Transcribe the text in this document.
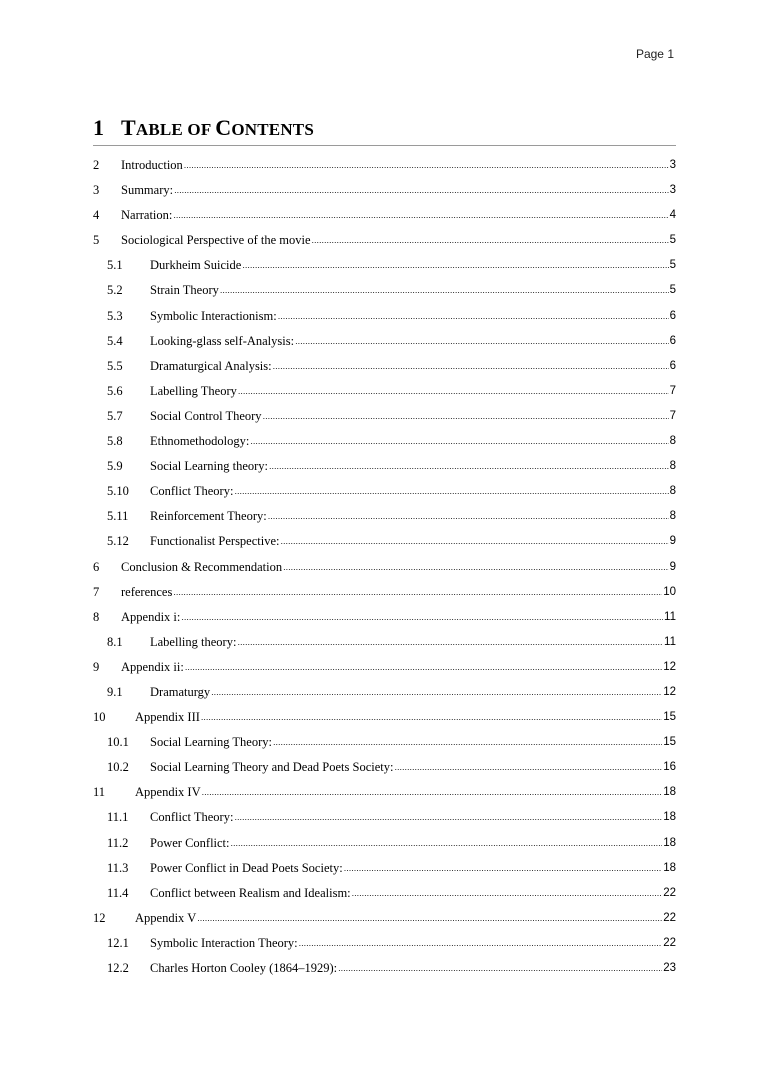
Page 1
1 TABLE OF CONTENTS
2	Introduction .....	3
3	Summary: .....	3
4	Narration: .....	4
5	Sociological Perspective of the movie .....	5
5.1	Durkheim Suicide .....	5
5.2	Strain Theory .....	5
5.3	Symbolic Interactionism: .....	6
5.4	Looking-glass self-Analysis: .....	6
5.5	Dramaturgical Analysis: .....	6
5.6	Labelling Theory .....	7
5.7	Social Control Theory .....	7
5.8	Ethnomethodology: .....	8
5.9	Social Learning theory: .....	8
5.10	Conflict Theory: .....	8
5.11	Reinforcement Theory: .....	8
5.12	Functionalist Perspective: .....	9
6	Conclusion & Recommendation .....	9
7	references .....	10
8	Appendix i: .....	11
8.1	Labelling theory: .....	11
9	Appendix ii: .....	12
9.1	Dramaturgy .....	12
10	Appendix III .....	15
10.1	Social Learning Theory: .....	15
10.2	Social Learning Theory and Dead Poets Society: .....	16
11	Appendix IV .....	18
11.1	Conflict Theory: .....	18
11.2	Power Conflict: .....	18
11.3	Power Conflict in Dead Poets Society: .....	18
11.4	Conflict between Realism and Idealism: .....	22
12	Appendix V .....	22
12.1	Symbolic Interaction Theory: .....	22
12.2	Charles Horton Cooley (1864–1929): .....	23
